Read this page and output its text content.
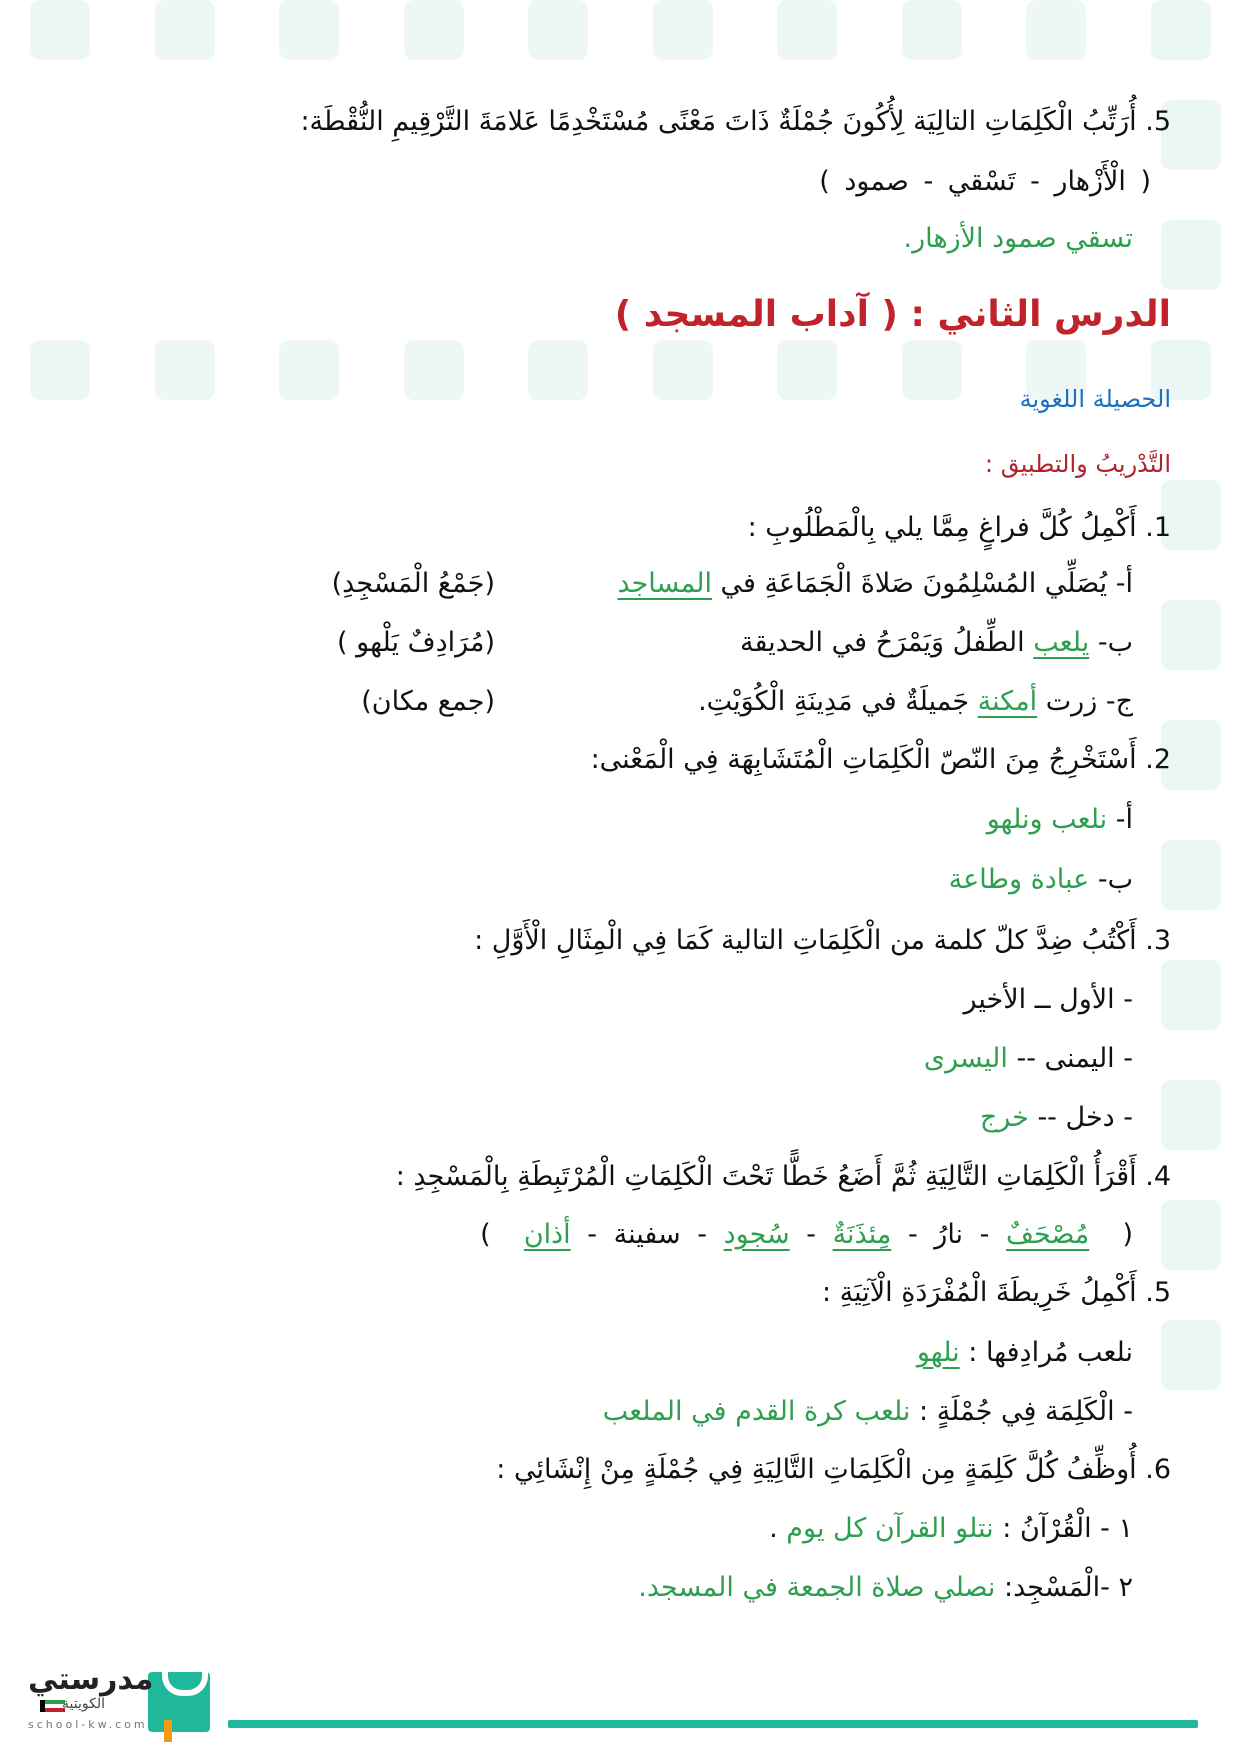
5. أُرَتِّبُ الْكَلِمَاتِ التالِيَة لِأُكُونَ جُمْلَةٌ ذَاتَ مَعْنًى مُسْتَخْدِمًا عَلامَةَ التَّرْقِيمِ النُّقْطَة:
( الْأَزْهار - تَسْقي - صمود )
تسقي صمود الأزهار.
الدرس الثاني : ( آداب المسجد )
الحصيلة اللغوية
التَّدْريبُ والتطبيق :
1. أَكْمِلُ كُلَّ فراغٍ مِمَّا يلي بِالْمَطْلُوبِ :
أ- يُصَلِّي المُسْلِمُونَ صَلاةَ الْجَمَاعَةِ في المساجد
(جَمْعُ الْمَسْجِدِ)
ب- يلعب الطِّفلُ وَيَمْرَحُ في الحديقة
(مُرَادِفٌ يَلْهو )
ج- زرت أمكنة جَميلَةٌ في مَدِينَةِ الْكُوَيْتِ.
(جمع مكان)
2. أَسْتَخْرِجُ مِنَ النّصّ الْكَلِمَاتِ الْمُتَشَابِهَة فِي الْمَعْنى:
أ- نلعب ونلهو
ب- عبادة وطاعة
3. أَكْتُبُ ضِدَّ كلّ كلمة من الْكَلِمَاتِ التالية كَمَا فِي الْمِثَالِ الْأَوَّلِ :
- الأول ــ الأخير
- اليمنى -- اليسرى
- دخل -- خرج
4. أَقْرَأُ الْكَلِمَاتِ التَّالِيَةِ ثُمَّ أَضَعُ خَطًّا تَحْتَ الْكَلِمَاتِ الْمُرْتَبِطَةِ بِالْمَسْجِدِ :
(  مُصْحَفٌ - نارُ - مِئذَنَةٌ - سُجود - سفينة - أذان  )
5. أَكْمِلُ خَرِيطَةَ الْمُفْرَدَةِ الْآتِيَةِ :
نلعب مُرادِفها : نلهو
- الْكَلِمَة فِي جُمْلَةٍ : نلعب كرة القدم في الملعب
6. أُوظِّفُ كُلَّ كَلِمَةٍ مِن الْكَلِمَاتِ التَّالِيَةِ فِي جُمْلَةٍ مِنْ إِنْشَائِي :
١ - الْقُرْآنُ : نتلو القرآن كل يوم .
٢ -الْمَسْجِد: نصلي صلاة الجمعة في المسجد.
مدرستي
الكويتية
school-kw.com
